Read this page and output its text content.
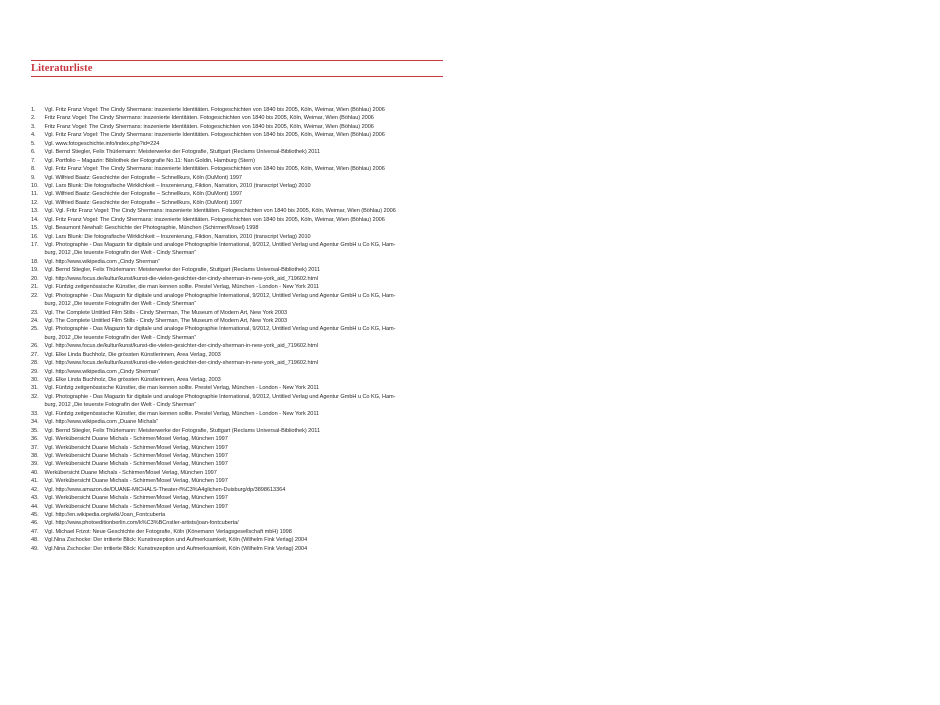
Literaturliste
1.	Vgl. Fritz Franz Vogel: The Cindy Shermans: inszenierte Identitäten. Fotogeschichten von 1840 bis 2005, Köln, Weimar, Wien (Böhlau) 2006
2.	Fritz Franz Vogel: The Cindy Shermans: inszenierte Identitäten. Fotogeschichten von 1840 bis 2005, Köln, Weimar, Wien (Böhlau) 2006
3.	Fritz Franz Vogel: The Cindy Shermans: inszenierte Identitäten. Fotogeschichten von 1840 bis 2005, Köln, Weimar, Wien (Böhlau) 2006
4.	Vgl. Fritz Franz Vogel: The Cindy Shermans: inszenierte Identitäten. Fotogeschichten von 1840 bis 2005, Köln, Weimar, Wien (Böhlau) 2006
5.	Vgl. www.fotogeschichte.info/index.php?id=224
6.	Vgl. Bernd Stiegler, Felix Thürlemann: Meisterwerke der Fotografie, Stuttgart (Reclams Universal-Bibliothek) 2011
7.	Vgl. Portfolio – Magazin: Bibliothek der Fotografie No.11: Nan Goldin, Hamburg (Stern)
8.	Vgl. Fritz Franz Vogel: The Cindy Shermans: inszenierte Identitäten. Fotogeschichten von 1840 bis 2005, Köln, Weimar, Wien (Böhlau) 2006
9.	Vgl. Wilfried Baatz: Geschichte der Fotografie – Schnellkurs, Köln (DuMont) 1997
10.	Vgl. Lars Blunk: Die fotografische Wirklichkeit – Inszenierung, Fiktion, Narration, 2010 (transcript Verlag) 2010
11.	Vgl. Wilfried Baatz: Geschichte der Fotografie – Schnellkurs, Köln (DuMont) 1997
12.	Vgl. Wilfried Baatz: Geschichte der Fotografie – Schnellkurs, Köln (DuMont) 1997
13.	Vgl. Vgl. Fritz Franz Vogel: The Cindy Shermans: inszenierte Identitäten. Fotogeschichten von 1840 bis 2005, Köln, Weimar, Wien (Böhlau) 2006
14.	Vgl. Fritz Franz Vogel: The Cindy Shermans: inszenierte Identitäten. Fotogeschichten von 1840 bis 2005, Köln, Weimar, Wien (Böhlau) 2006
15.	Vgl. Beaumont Newhall: Geschichte der Photographie, München (Schirmer/Mosel) 1998
16.	Vgl. Lars Blunk: Die fotografische Wirklichkeit – Inszenierung, Fiktion, Narration, 2010 (transcript Verlag) 2010
17.	Vgl. Photographie - Das Magazin für digitale und analoge Photographie International, 9/2012, Untitled Verlag und Agentur GmbH u Co KG, Ham-
burg, 2012 „Die teuerste Fotografin der Welt - Cindy Sherman“
18.	Vgl. http://www.wikipedia.com „Cindy Sherman“
19.	Vgl. Bernd Stiegler, Felix Thürlemann: Meisterwerke der Fotografie, Stuttgart (Reclams Universal-Bibliothek) 2011
20.	Vgl. http://www.focus.de/kultur/kunst/kunst-die-vielen-gesichter-der-cindy-sherman-in-new-york_aid_719602.html
21.	Vgl. Fünfzig zeitgenössische Künstler, die man kennen sollte. Prestel Verlag, München - London - New York 2011
22.	Vgl. Photographie - Das Magazin für digitale und analoge Photographie International, 9/2012, Untitled Verlag und Agentur GmbH u Co KG, Ham-
burg, 2012 „Die teuerste Fotografin der Welt - Cindy Sherman“
23.	Vgl. The Complete Untitled Film Stills - Cindy Sherman, The Museum of Modern Art, New York 2003
24.	Vgl. The Complete Untitled Film Stills - Cindy Sherman, The Museum of Modern Art, New York 2003
25.	Vgl. Photographie - Das Magazin für digitale und analoge Photographie International, 9/2012, Untitled Verlag und Agentur GmbH u Co KG, Ham-
burg, 2012 „Die teuerste Fotografin der Welt - Cindy Sherman“
26.	Vgl. http://www.focus.de/kultur/kunst/kunst-die-vielen-gesichter-der-cindy-sherman-in-new-york_aid_719602.html
27.	Vgl. Elke Linda Buchholz, Die grössten Künstlerinnen, Area Verlag, 2003
28.	Vgl. http://www.focus.de/kultur/kunst/kunst-die-vielen-gesichter-der-cindy-sherman-in-new-york_aid_719602.html
29.	Vgl. http://www.wikipedia.com „Cindy Sherman“
30.	Vgl. Elke Linda Buchholz, Die grössten Künstlerinnen, Area Verlag, 2003
31.	Vgl. Fünfzig zeitgenössische Künstler, die man kennen sollte. Prestel Verlag, München - London - New York 2011
32.	Vgl. Photographie - Das Magazin für digitale und analoge Photographie International, 9/2012, Untitled Verlag und Agentur GmbH u Co KG, Ham-
burg, 2012 „Die teuerste Fotografin der Welt - Cindy Sherman“
33.	Vgl. Fünfzig zeitgenössische Künstler, die man kennen sollte. Prestel Verlag, München - London - New York 2011
34.	Vgl. http://www.wikipedia.com „Duane Michals“
35.	Vgl. Bernd Stiegler, Felix Thürlemann: Meisterwerke der Fotografie, Stuttgart (Reclams Universal-Bibliothek) 2011
36.	Vgl. Werkübersicht Duane Michals - Schirmer/Mosel Verlag, München 1997
37.	Vgl. Werkübersicht Duane Michals - Schirmer/Mosel Verlag, München 1997
38.	Vgl. Werkübersicht Duane Michals - Schirmer/Mosel Verlag, München 1997
39.	Vgl. Werkübersicht Duane Michals - Schirmer/Mosel Verlag, München 1997
40.	Werkübersicht Duane Michals - Schirmer/Mosel Verlag, München 1997
41.	Vgl. Werkübersicht Duane Michals - Schirmer/Mosel Verlag, München 1997
42.	Vgl. http://www.amazon.de/DUANE-MICHALS-Theater-f%C3%A4glichen-Duisburg/dp/3898613364
43.	Vgl. Werkübersicht Duane Michals - Schirmer/Mosel Verlag, München 1997
44.	Vgl. Werkübersicht Duane Michals - Schirmer/Mosel Verlag, München 1997
45.	Vgl. http://en.wikipedia.org/wiki/Joan_Fontcuberta
46.	Vgl. http://www.photoeditionberlin.com/k%C3%BCnstler-artists/joan-fontcuberta/
47.	Vgl. Michael Frizot: Neue Geschichte der Fotografie, Köln (Könemann Verlagsgesellschaft mbH) 1998
48.	Vgl.Nina Zschocke: Der irritierte Blick: Kunstrezeption und Aufmerksamkeit, Köln (Wilhelm Fink Verlag) 2004
49.	Vgl.Nina Zschocke: Der irritierte Blick: Kunstrezeption und Aufmerksamkeit, Köln (Wilhelm Fink Verlag) 2004
